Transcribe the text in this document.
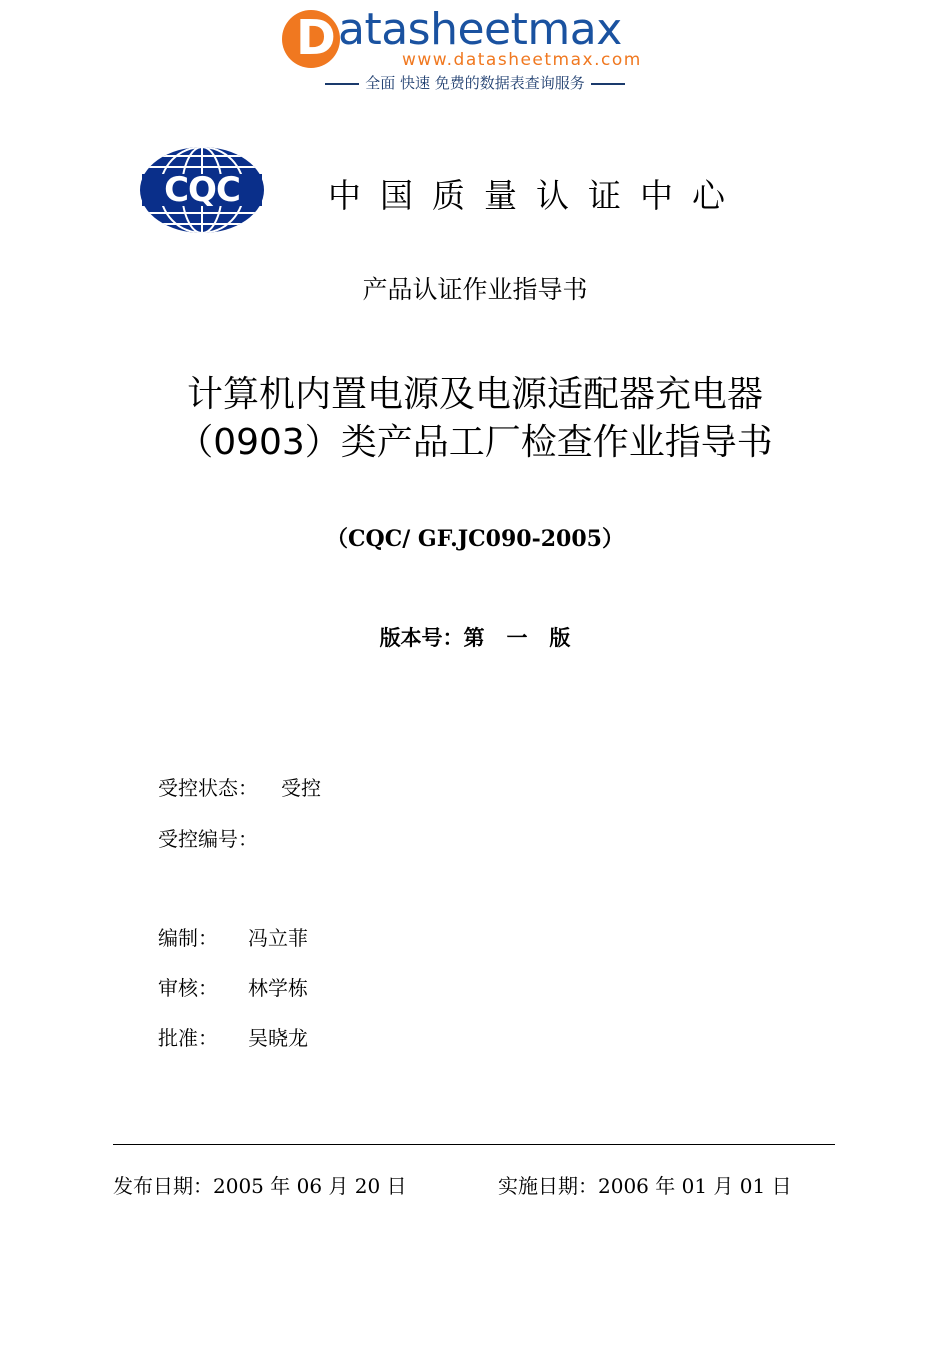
D atasheetmax
www.datasheetmax.com
全面 快速 免费的数据表查询服务
CQC	中国质量认证中心
产品认证作业指导书
计算机内置电源及电源适配器充电器
（0903）类产品工厂检查作业指导书
（CQC/ GF.JC090-2005）
版本号：第   一   版
受控状态： 受控
受控编号：
编制： 冯立菲
审核： 林学栋
批准： 吴晓龙
发布日期：2005 年 06 月 20 日	实施日期：2006 年 01 月 01 日
